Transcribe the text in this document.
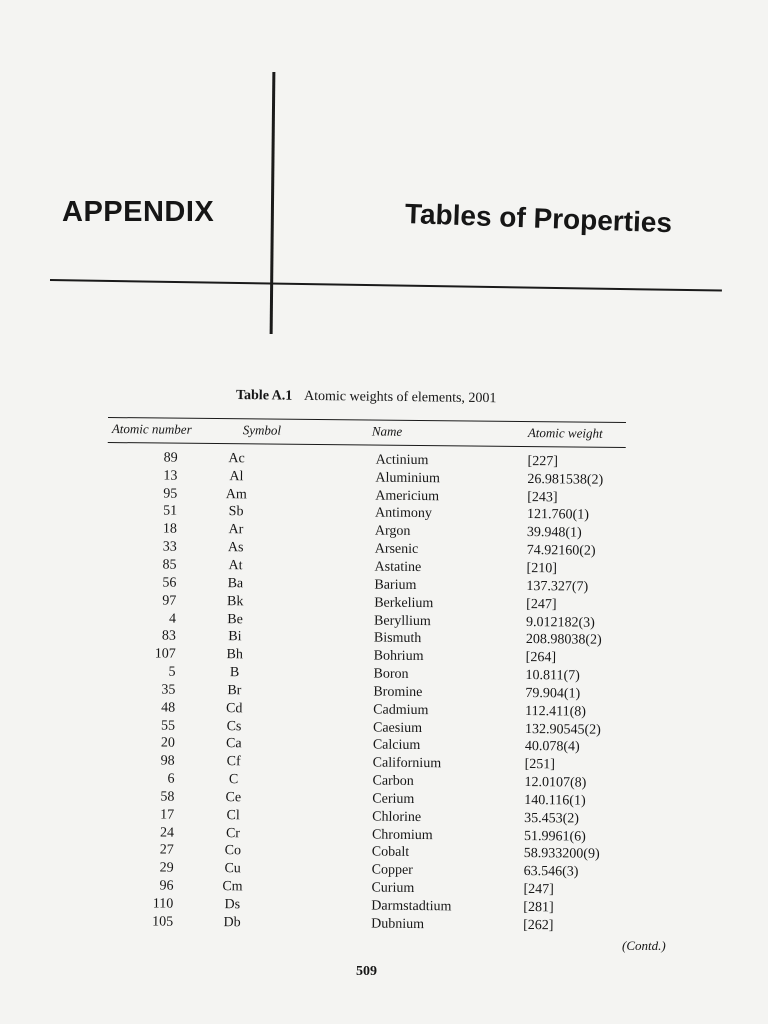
APPENDIX	Tables of Properties
Table A.1 Atomic weights of elements, 2001
Atomic number	Symbol	Name	Atomic weight
89	Ac	Actinium	[227]
13	Al	Aluminium	26.981538(2)
95	Am	Americium	[243]
51	Sb	Antimony	121.760(1)
18	Ar	Argon	39.948(1)
33	As	Arsenic	74.92160(2)
85	At	Astatine	[210]
56	Ba	Barium	137.327(7)
97	Bk	Berkelium	[247]
4	Be	Beryllium	9.012182(3)
83	Bi	Bismuth	208.98038(2)
107	Bh	Bohrium	[264]
5	B	Boron	10.811(7)
35	Br	Bromine	79.904(1)
48	Cd	Cadmium	112.411(8)
55	Cs	Caesium	132.90545(2)
20	Ca	Calcium	40.078(4)
98	Cf	Californium	[251]
6	C	Carbon	12.0107(8)
58	Ce	Cerium	140.116(1)
17	Cl	Chlorine	35.453(2)
24	Cr	Chromium	51.9961(6)
27	Co	Cobalt	58.933200(9)
29	Cu	Copper	63.546(3)
96	Cm	Curium	[247]
110	Ds	Darmstadtium	[281]
105	Db	Dubnium	[262]
(Contd.)
509
